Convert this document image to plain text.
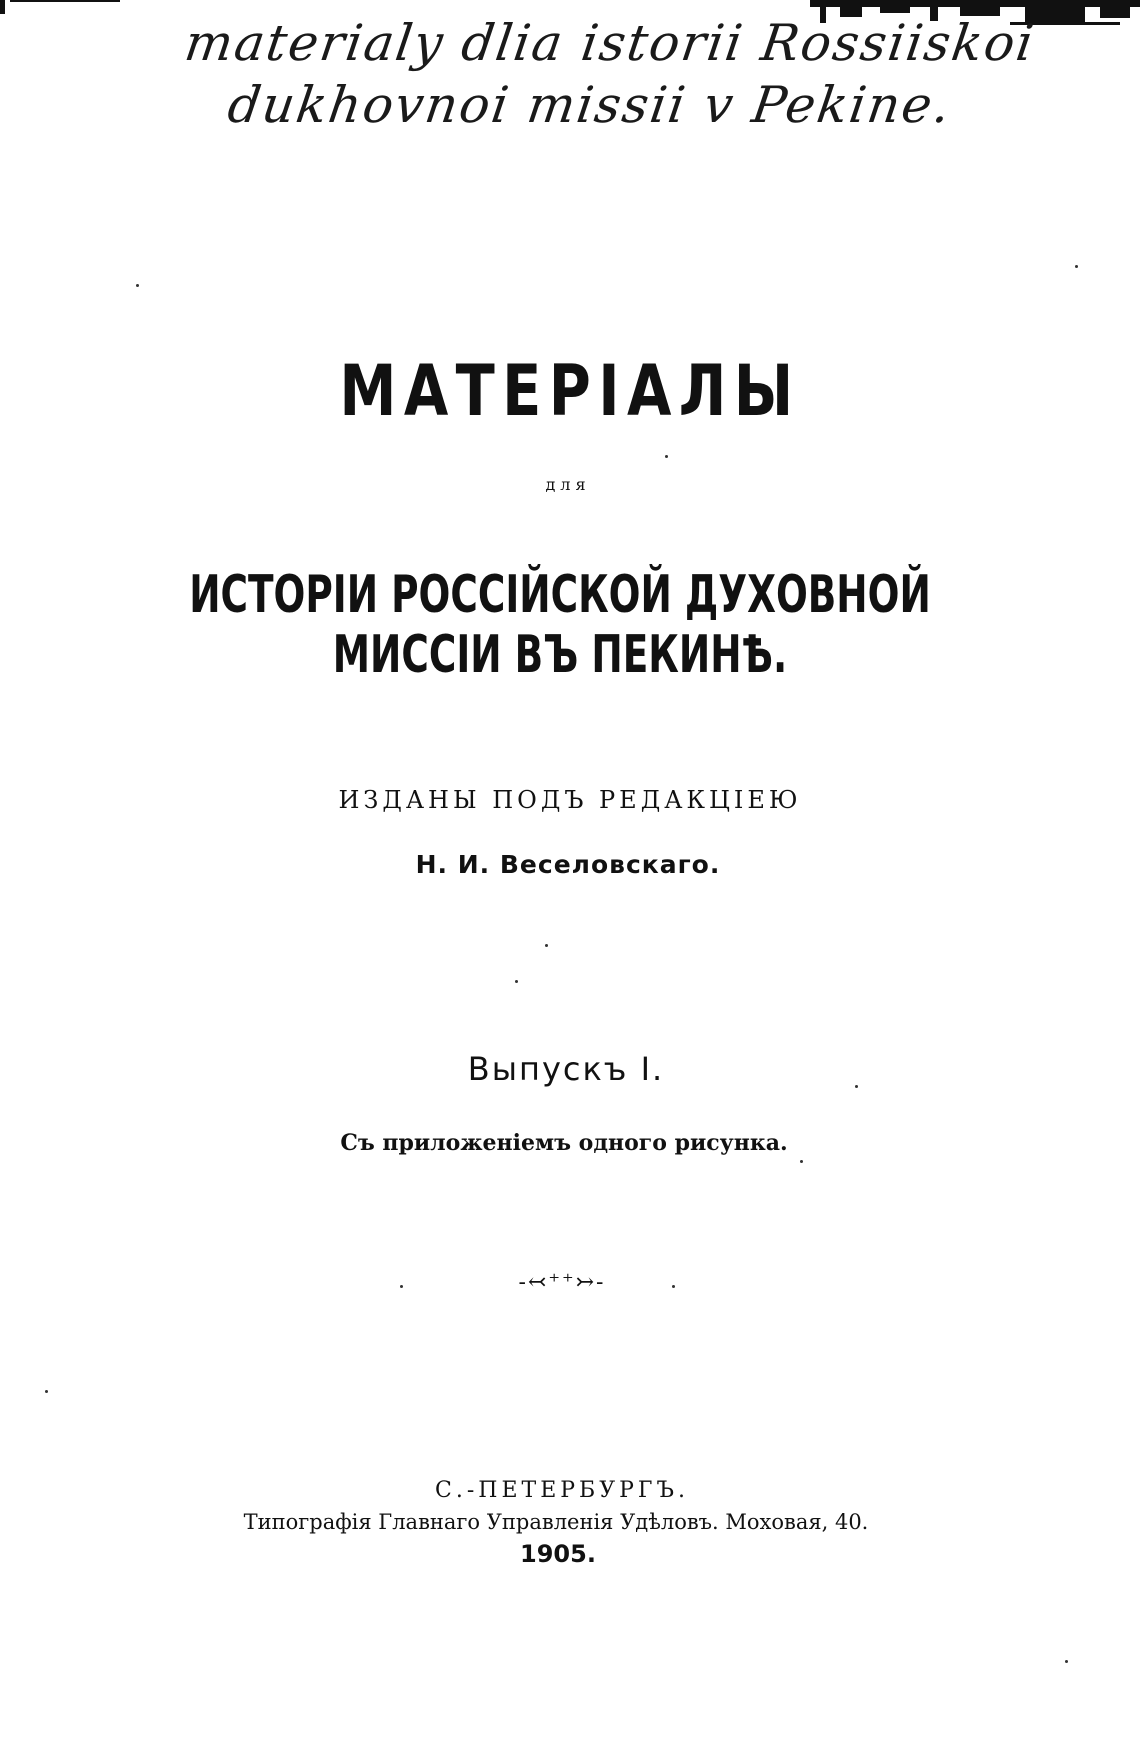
materialy dlia istorii Rossiiskoi
dukhovnoi missii v Pekine.
МАТЕРІАЛЫ
для
ИСТОРІИ РОССІЙСКОЙ ДУХОВНОЙ МИССІИ ВЪ ПЕКИНѢ.
ИЗДАНЫ ПОДЪ РЕДАКЦІЕЮ
Н. И. Веселовскаго.
Выпускъ I.
Съ приложеніемъ одного рисунка.
-↢⁺⁺↣-
С.-ПЕТЕРБУРГЪ.
Типографія Главнаго Управленія Удѣловъ. Моховая, 40.
1905.
